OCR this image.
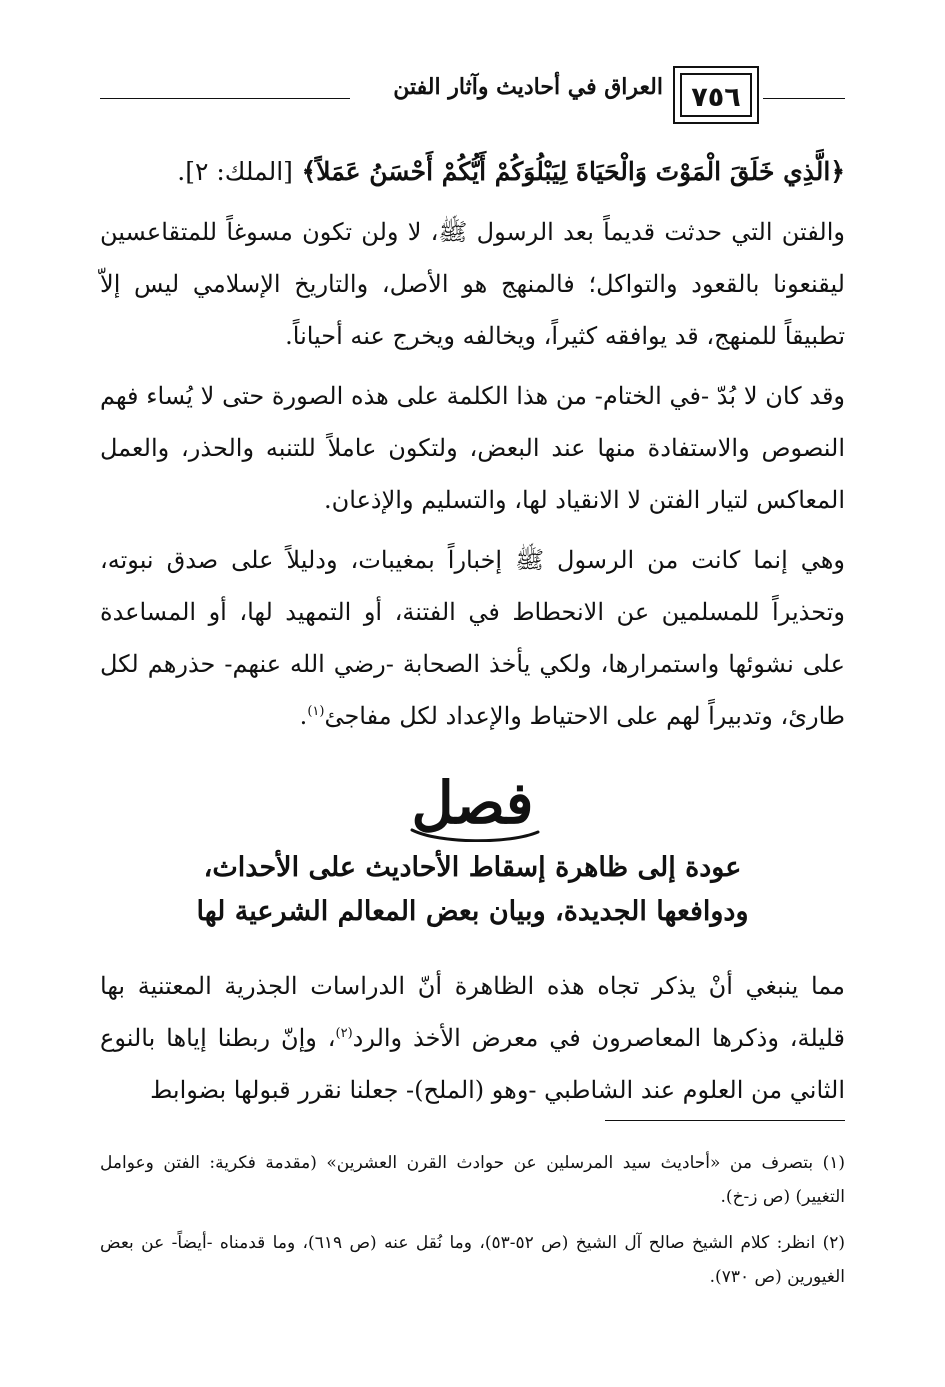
٧٥٦
العراق في أحاديث وآثار الفتن
﴿الَّذِي خَلَقَ الْمَوْتَ وَالْحَيَاةَ لِيَبْلُوَكُمْ أَيُّكُمْ أَحْسَنُ عَمَلاً﴾ [الملك: ٢].
والفتن التي حدثت قديماً بعد الرسول ﷺ، لا ولن تكون مسوغاً للمتقاعسين ليقنعونا بالقعود والتواكل؛ فالمنهج هو الأصل، والتاريخ الإسلامي ليس إلاّ تطبيقاً للمنهج، قد يوافقه كثيراً، ويخالفه ويخرج عنه أحياناً.
وقد كان لا بُدّ -في الختام- من هذا الكلمة على هذه الصورة حتى لا يُساء فهم النصوص والاستفادة منها عند البعض، ولتكون عاملاً للتنبه والحذر، والعمل المعاكس لتيار الفتن لا الانقياد لها، والتسليم والإذعان.
وهي إنما كانت من الرسول ﷺ إخباراً بمغيبات، ودليلاً على صدق نبوته، وتحذيراً للمسلمين عن الانحطاط في الفتنة، أو التمهيد لها، أو المساعدة على نشوئها واستمرارها، ولكي يأخذ الصحابة -رضي الله عنهم- حذرهم لكل طارئ، وتدبيراً لهم على الاحتياط والإعداد لكل مفاجئ$^{(١)}$.
فصل
عودة إلى ظاهرة إسقاط الأحاديث على الأحداث،
ودوافعها الجديدة، وبيان بعض المعالم الشرعية لها
مما ينبغي أنْ يذكر تجاه هذه الظاهرة أنّ الدراسات الجذرية المعتنية بها قليلة، وذكرها المعاصرون في معرض الأخذ والرد$^{(٢)}$، وإنّ ربطنا إياها بالنوع الثاني من العلوم عند الشاطبي -وهو (الملح)- جعلنا نقرر قبولها بضوابط
(١) بتصرف من «أحاديث سيد المرسلين عن حوادث القرن العشرين» (مقدمة فكرية: الفتن وعوامل التغيير) (ص ز-خ).
(٢) انظر: كلام الشيخ صالح آل الشيخ (ص ٥٢-٥٣)، وما نُقل عنه (ص ٦١٩)، وما قدمناه -أيضاً- عن بعض الغيورين (ص ٧٣٠).
